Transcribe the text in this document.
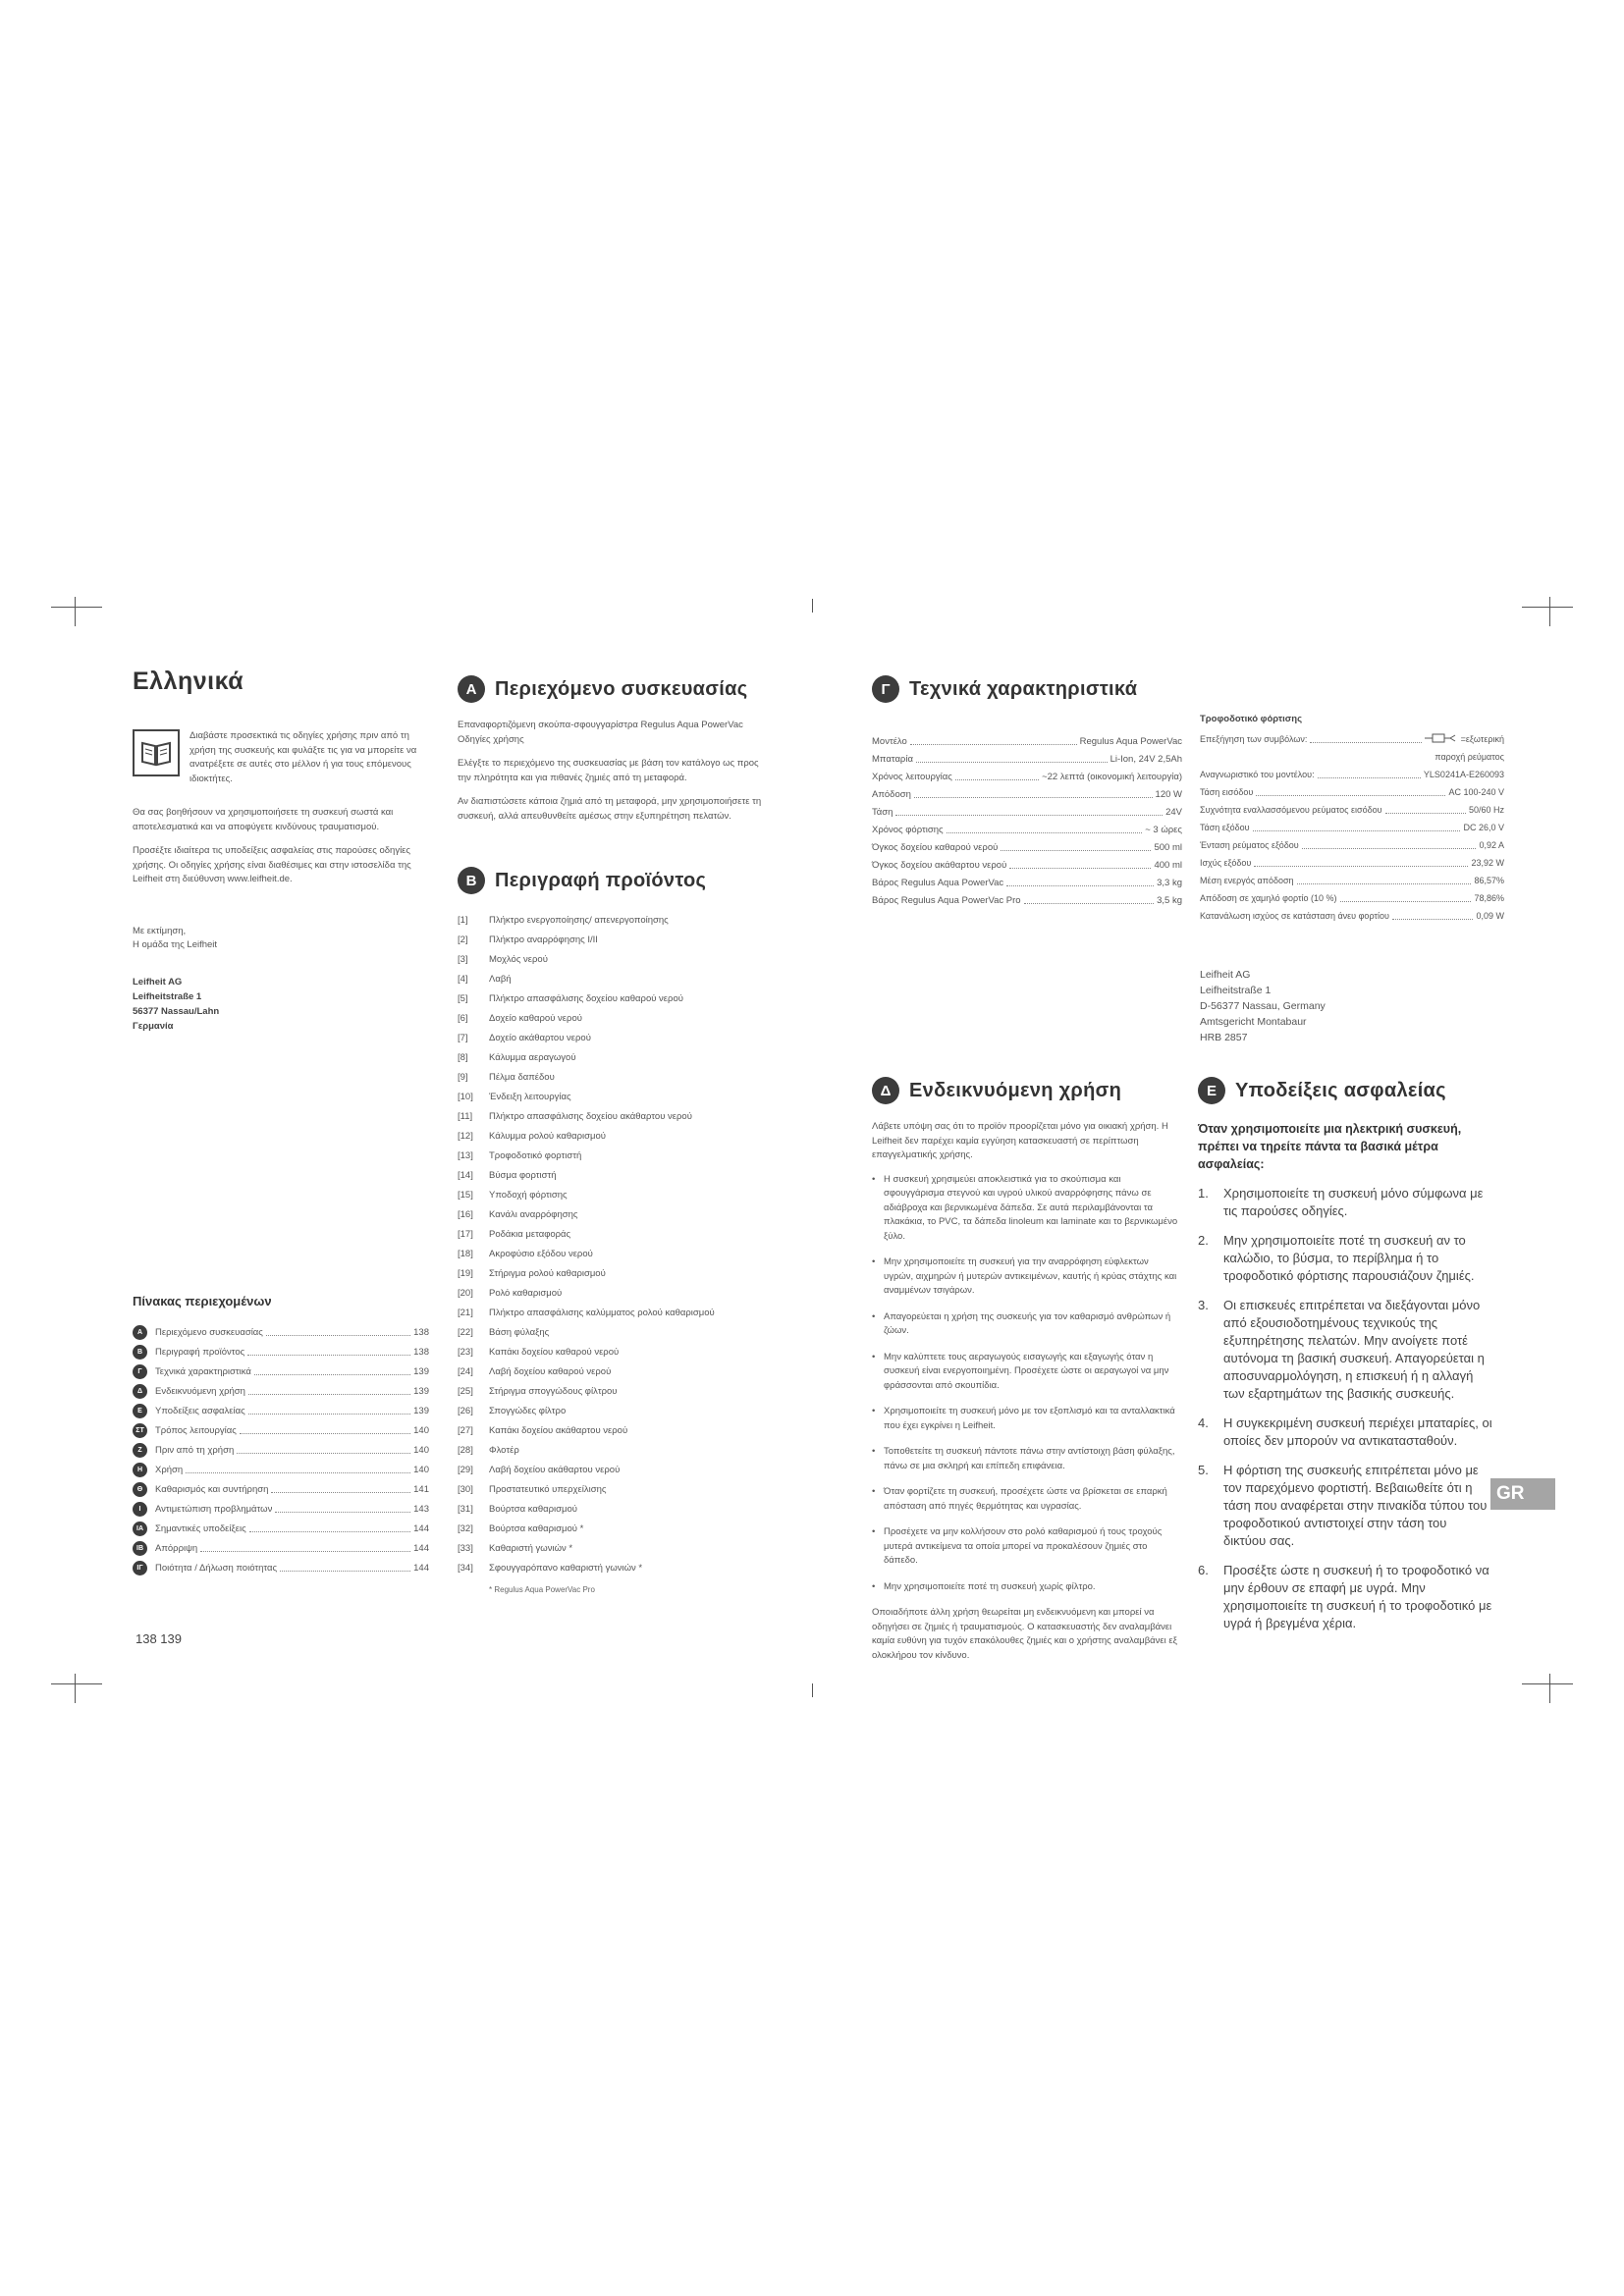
Ελληνικά
Διαβάστε προσεκτικά τις οδηγίες χρήσης πριν από τη χρήση της συσκευής και φυλάξτε τις για να μπορείτε να ανατρέξετε σε αυτές στο μέλλον ή για τους επόμενους ιδιοκτήτες.

Θα σας βοηθήσουν να χρησιμοποιήσετε τη συσκευή σωστά και αποτελεσματικά και να αποφύγετε κινδύνους τραυματισμού.

Προσέξτε ιδιαίτερα τις υποδείξεις ασφαλείας στις παρούσες οδηγίες χρήσης. Οι οδηγίες χρήσης είναι διαθέσιμες και στην ιστοσελίδα της Leifheit στη διεύθυνση www.leifheit.de.

Με εκτίμηση,
Η ομάδα της Leifheit
Leifheit AG
Leifheitstraße 1
56377 Nassau/Lahn
Γερμανία
Πίνακας περιεχομένων
A	Περιεχόμενο συσκευασίας	138
B	Περιγραφή προϊόντος	138
Γ	Τεχνικά χαρακτηριστικά	139
Δ	Ενδεικνυόμενη χρήση	139
E	Υποδείξεις ασφαλείας	139
ΣΤ	Τρόπος λειτουργίας	140
Z	Πριν από τη χρήση	140
H	Χρήση	140
Θ	Καθαρισμός και συντήρηση	141
I	Αντιμετώπιση προβλημάτων	143
IA	Σημαντικές υποδείξεις	144
IB	Απόρριψη	144
IΓ	Ποιότητα / Δήλωση ποιότητας	144
138 139
A Περιεχόμενο συσκευασίας
Επαναφορτιζόμενη σκούπα-σφουγγαρίστρα Regulus Aqua PowerVac
Οδηγίες χρήσης

Ελέγξτε το περιεχόμενο της συσκευασίας με βάση τον κατάλογο ως προς την πληρότητα και για πιθανές ζημιές από τη μεταφορά.

Αν διαπιστώσετε κάποια ζημιά από τη μεταφορά, μην χρησιμοποιήσετε τη συσκευή, αλλά απευθυνθείτε αμέσως στην εξυπηρέτηση πελατών.

B Περιγραφή προϊόντος
[1]	Πλήκτρο ενεργοποίησης/ απενεργοποίησης
[2]	Πλήκτρο αναρρόφησης I/II
[3]	Μοχλός νερού
[4]	Λαβή
[5]	Πλήκτρο απασφάλισης δοχείου καθαρού νερού
[6]	Δοχείο καθαρού νερού
[7]	Δοχείο ακάθαρτου νερού
[8]	Κάλυμμα αεραγωγού
[9]	Πέλμα δαπέδου
[10]	Ένδειξη λειτουργίας
[11]	Πλήκτρο απασφάλισης δοχείου ακάθαρτου νερού
[12]	Κάλυμμα ρολού καθαρισμού
[13]	Τροφοδοτικό φορτιστή
[14]	Βύσμα φορτιστή
[15]	Υποδοχή φόρτισης
[16]	Κανάλι αναρρόφησης
[17]	Ροδάκια μεταφοράς
[18]	Ακροφύσιο εξόδου νερού
[19]	Στήριγμα ρολού καθαρισμού
[20]	Ρολό καθαρισμού
[21]	Πλήκτρο απασφάλισης καλύμματος ρολού καθαρισμού
[22]	Βάση φύλαξης
[23]	Καπάκι δοχείου καθαρού νερού
[24]	Λαβή δοχείου καθαρού νερού
[25]	Στήριγμα σπογγώδους φίλτρου
[26]	Σπογγώδες φίλτρο
[27]	Καπάκι δοχείου ακάθαρτου νερού
[28]	Φλοτέρ
[29]	Λαβή δοχείου ακάθαρτου νερού
[30]	Προστατευτικό υπερχείλισης
[31]	Βούρτσα καθαρισμού
[32]	Βούρτσα καθαρισμού *
[33]	Καθαριστή γωνιών *
[34]	Σφουγγαρόπανο καθαριστή γωνιών *
* Regulus Aqua PowerVac Pro
Γ Τεχνικά χαρακτηριστικά
Μοντέλο	Regulus Aqua PowerVac
Μπαταρία	Li-Ion, 24V 2,5Ah
Χρόνος λειτουργίας	~22 λεπτά (οικονομική λειτουργία)
Απόδοση	120 W
Τάση	24V
Χρόνος φόρτισης	~ 3 ώρες
Όγκος δοχείου καθαρού νερού	500 ml
Όγκος δοχείου ακάθαρτου νερού	400 ml
Βάρος Regulus Aqua PowerVac	3,3 kg
Βάρος Regulus Aqua PowerVac Pro	3,5 kg
Τροφοδοτικό φόρτισης
Επεξήγηση των συμβόλων:	=εξωτερική
παροχή ρεύματος
Αναγνωριστικό του μοντέλου:	YLS0241A-E260093
Τάση εισόδου	AC 100-240 V
Συχνότητα εναλλασσόμενου ρεύματος εισόδου	50/60 Hz
Τάση εξόδου	DC 26,0 V
Ένταση ρεύματος εξόδου	0,92 A
Ισχύς εξόδου	23,92 W
Μέση ενεργός απόδοση	86,57%
Απόδοση σε χαμηλό φορτίο (10 %)	78,86%
Κατανάλωση ισχύος σε κατάσταση άνευ φορτίου	0,09 W
Leifheit AG
Leifheitstraße 1
D-56377 Nassau, Germany
Amtsgericht Montabaur
HRB 2857
Δ Ενδεικνυόμενη χρήση

Λάβετε υπόψη σας ότι το προϊόν προορίζεται μόνο για οικιακή χρήση. Η Leifheit δεν παρέχει καμία εγγύηση κατασκευαστή σε περίπτωση επαγγελματικής χρήσης.

• Η συσκευή χρησιμεύει αποκλειστικά για το σκούπισμα και σφουγγάρισμα στεγνού και υγρού υλικού αναρρόφησης πάνω σε αδιάβροχα και βερνικωμένα δάπεδα. Σε αυτά περιλαμβάνονται τα πλακάκια, το PVC, τα δάπεδα linoleum και laminate και το βερνικωμένο ξύλο.
• Μην χρησιμοποιείτε τη συσκευή για την αναρρόφηση εύφλεκτων υγρών, αιχμηρών ή μυτερών αντικειμένων, καυτής ή κρύας στάχτης και αναμμένων τσιγάρων.
• Απαγορεύεται η χρήση της συσκευής για τον καθαρισμό ανθρώπων ή ζώων.
• Μην καλύπτετε τους αεραγωγούς εισαγωγής και εξαγωγής όταν η συσκευή είναι ενεργοποιημένη. Προσέχετε ώστε οι αεραγωγοί να μην φράσσονται από σκουπίδια.
• Χρησιμοποιείτε τη συσκευή μόνο με τον εξοπλισμό και τα ανταλλακτικά που έχει εγκρίνει η Leifheit.
• Τοποθετείτε τη συσκευή πάντοτε πάνω στην αντίστοιχη βάση φύλαξης, πάνω σε μια σκληρή και επίπεδη επιφάνεια.
• Όταν φορτίζετε τη συσκευή, προσέχετε ώστε να βρίσκεται σε επαρκή απόσταση από πηγές θερμότητας και υγρασίας.
• Προσέχετε να μην κολλήσουν στο ρολό καθαρισμού ή τους τροχούς μυτερά αντικείμενα τα οποία μπορεί να προκαλέσουν ζημιές στο δάπεδο.
• Μην χρησιμοποιείτε ποτέ τη συσκευή χωρίς φίλτρο.

Οποιαδήποτε άλλη χρήση θεωρείται μη ενδεικνυόμενη και μπορεί να οδηγήσει σε ζημιές ή τραυματισμούς. Ο κατασκευαστής δεν αναλαμβάνει καμία ευθύνη για τυχόν επακόλουθες ζημιές και ο χρήστης αναλαμβάνει εξ ολοκλήρου τον κίνδυνο.

E Υποδείξεις ασφαλείας
Όταν χρησιμοποιείτε μια ηλεκτρική συσκευή, πρέπει να τηρείτε πάντα τα βασικά μέτρα ασφαλείας:
1.	Χρησιμοποιείτε τη συσκευή μόνο σύμφωνα με τις παρούσες οδηγίες.
2.	Μην χρησιμοποιείτε ποτέ τη συσκευή αν το καλώδιο, το βύσμα, το περίβλημα ή το τροφοδοτικό φόρτισης παρουσιάζουν ζημιές.
3.	Οι επισκευές επιτρέπεται να διεξάγονται μόνο από εξουσιοδοτημένους τεχνικούς της εξυπηρέτησης πελατών. Μην ανοίγετε ποτέ αυτόνομα τη βασική συσκευή. Απαγορεύεται η αποσυναρμολόγηση, η επισκευή ή η αλλαγή των εξαρτημάτων της βασικής συσκευής.
4.	Η συγκεκριμένη συσκευή περιέχει μπαταρίες, οι οποίες δεν μπορούν να αντικατασταθούν.
5.	Η φόρτιση της συσκευής επιτρέπεται μόνο με τον παρεχόμενο φορτιστή. Βεβαιωθείτε ότι η τάση που αναφέρεται στην πινακίδα τύπου του τροφοδοτικού αντιστοιχεί στην τάση του δικτύου σας.
6.	Προσέξτε ώστε η συσκευή ή το τροφοδοτικό να μην έρθουν σε επαφή με υγρά. Μην χρησιμοποιείτε τη συσκευή ή το τροφοδοτικό με υγρά ή βρεγμένα χέρια.
GR
